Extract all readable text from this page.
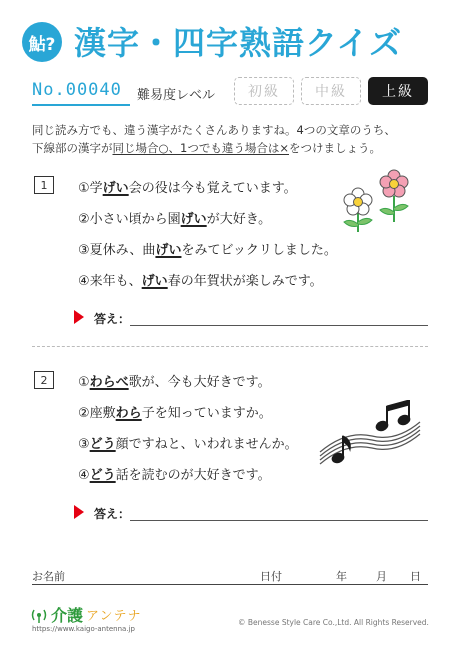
鮎? 漢字・四字熟語クイズ
No.00040 難易度レベル	初級	中級	上級
同じ読み方でも、違う漢字がたくさんありますね。4つの文章のうち、
下線部の漢字が同じ場合○、1つでも違う場合は×をつけましょう。
1	①学げい会の役は今も覚えています。
②小さい頃から園げいが大好き。
③夏休み、曲げいをみてビックリしました。
④来年も、げい春の年賀状が楽しみです。
答え：
2	①わらべ歌が、今も大好きです。
②座敷わら子を知っていますか。
③どう顔ですねと、いわれませんか。
④どう話を読むのが大好きです。
答え：
お名前	日付	年	月 日
介護 アンテナ
https://www.kaigo-antenna.jp
© Benesse Style Care Co.,Ltd. All Rights Reserved.
